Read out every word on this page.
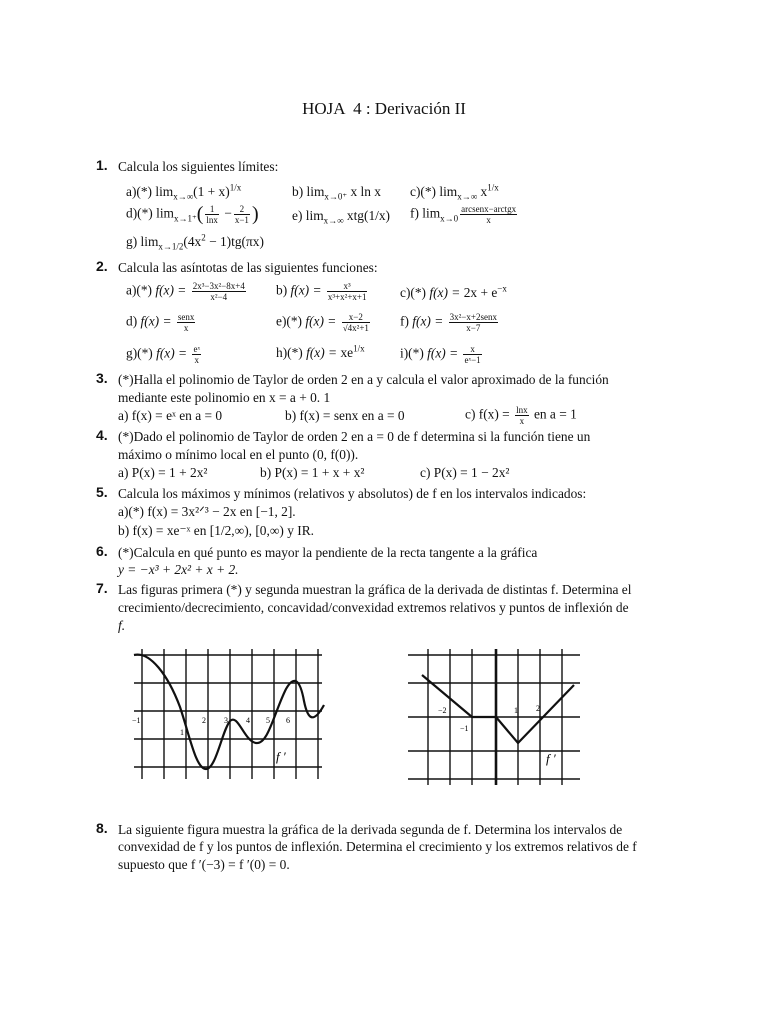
HOJA  4 : Derivación II
1. Calcula los siguientes límites:
a)(*) $\lim_{x\to\infty}(1 + x)^{1/x}$	b) $\lim_{x\to 0^+} x$ ln x c)(*) $\lim_{x\to\infty} x^{1/x}$
d)(*) $\lim_{x\to 1^+}( \frac{1}{\ln x} - \frac{2}{x-1}$ ) e) $\lim_{x\to\infty} xtg(1/x)$ f) $\lim_{x\to 0} \frac{\text{arcsenx−arctgx}}{x}$
g) $\lim_{x\to 1/2}(4x^2 - 1)tg(\pi x)$
2. Calcula las asíntotas de las siguientes funciones:
a)(*) $f(x) = \frac{\text{2x³−3x²−8x+4}}{\text{x²−4}} b$) $f(x) = \frac{\text{x³}}{\text{x³+x²+x+1}} c)(*)$ $f(x) = 2x + e^{-x}$
d) $f(x) = \frac{\text{senx}}{x}$	e)(*) $f(x) = \frac{x-2}{\text{√4x²+1}} f$) $f(x) = \frac{\text{3x²−x+2senx}}{x-7}$
g)(*) $f(x) = \frac{\text{eˣ}}{x}$	h)(*) $f(x) = xe^{1/x}$	i)(*) $f(x) = \frac{x}{\text{eˣ−1}}$
3. (*)Halla el polinomio de Taylor de orden 2 en a y calcula el valor aproximado de la función
mediante este polinomio en x = a + 0. 1
a) f(x) = eˣ en a = 0	b) f(x) = senx en a = 0	c) $f(x) = \frac{\ln x}{x}$ en a = 1
4. (*)Dado el polinomio de Taylor de orden 2 en a = 0 de f determina si la función tiene un
máximo o mínimo local en el punto (0, f(0)).
a) P(x) = 1 + 2x²	b) P(x) = 1 + x + x²	c) P(x) = 1 − 2x²
5. Calcula los máximos y mínimos (relativos y absolutos) de f en los intervalos indicados:
a)(*) f(x) = 3x²ᐟ³ − 2x en [−1, 2].
b) f(x) = xe⁻ˣ en [1/2,∞), [0,∞) y IR.
6. (*)Calcula en qué punto es mayor la pendiente de la recta tangente a la gráfica
y = −x³ + 2x² + x + 2.
7. Las figuras primera (*) y segunda muestran la gráfica de la derivada de distintas f. Determina el
crecimiento/decrecimiento, concavidad/convexidad extremos relativos y puntos de inflexión de
f.
−1
1
2 3 4 5 6
f ′
−2
−1
1 2
f ′
8. La siguiente figura muestra la gráfica de la derivada segunda de f. Determina los intervalos de
convexidad de f y los puntos de inflexión. Determina el crecimiento y los extremos relativos de f
supuesto que f ′(−3) = f ′(0) = 0.
